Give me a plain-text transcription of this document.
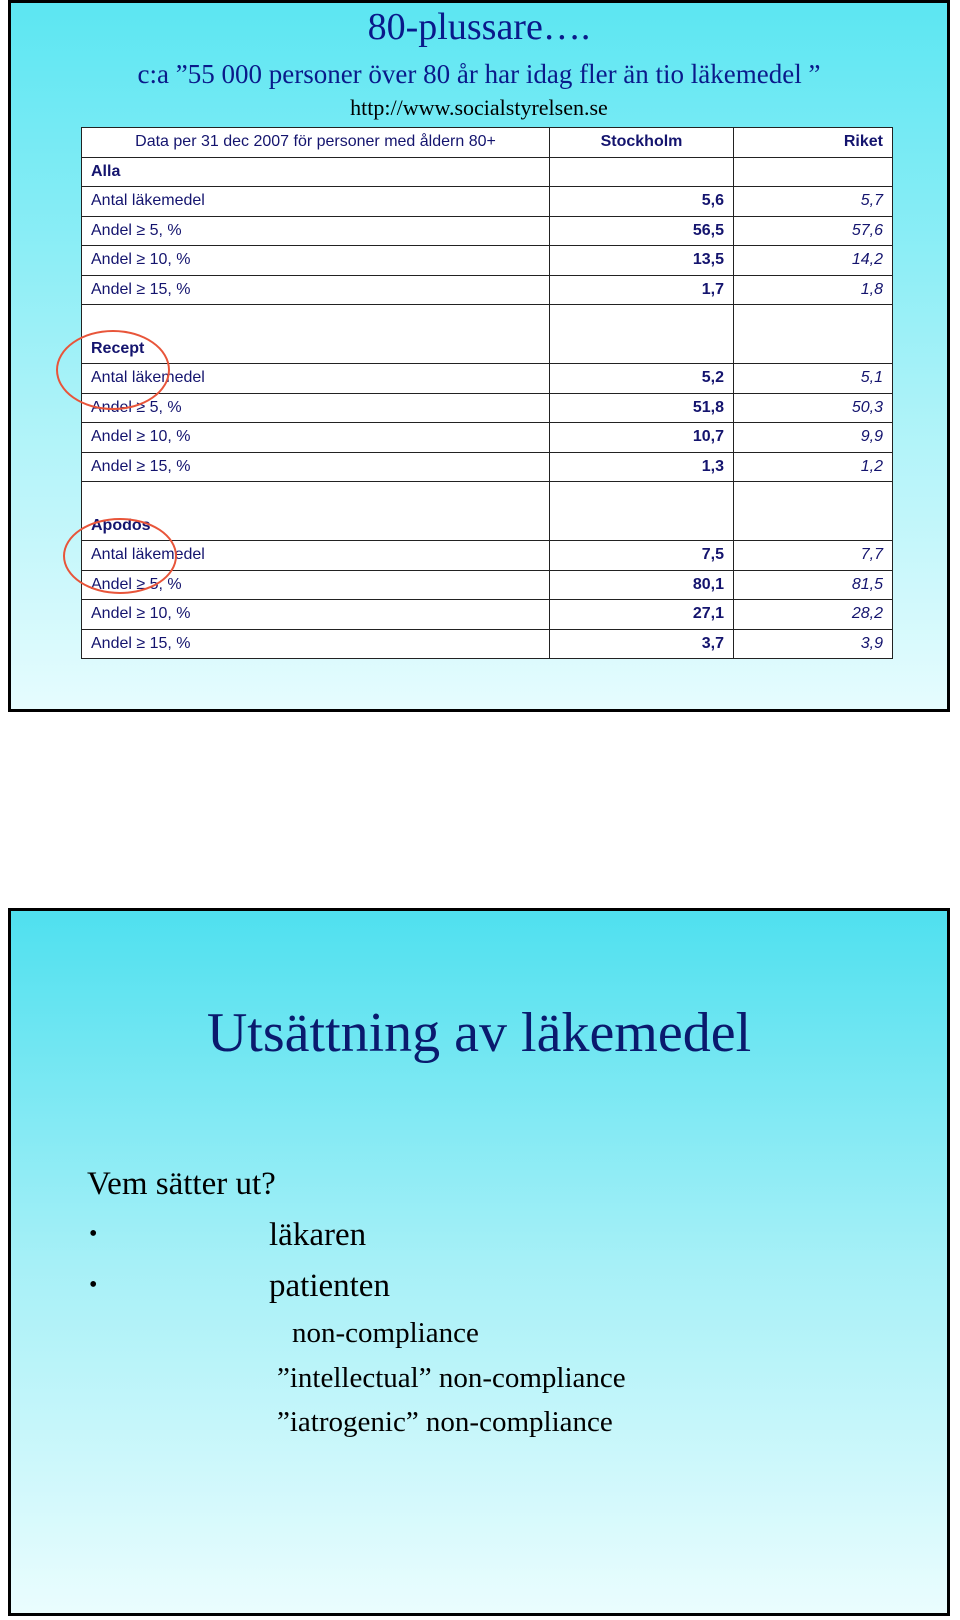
80-plussare….
c:a ”55 000 personer över 80 år har idag fler än tio läkemedel ”
http://www.socialstyrelsen.se
Data per 31 dec 2007 för personer med åldern 80+	Stockholm	Riket
Alla		
Antal läkemedel	5,6	5,7
Andel ≥ 5, %	56,5	57,6
Andel ≥ 10, %	13,5	14,2
Andel ≥ 15, %	1,7	1,8

Recept		
Antal läkemedel	5,2	5,1
Andel ≥ 5, %	51,8	50,3
Andel ≥ 10, %	10,7	9,9
Andel ≥ 15, %	1,3	1,2

Apodos		
Antal läkemedel	7,5	7,7
Andel ≥ 5, %	80,1	81,5
Andel ≥ 10, %	27,1	28,2
Andel ≥ 15, %	3,7	3,9
Utsättning av läkemedel
Vem sätter ut?
•	läkaren
•	patienten
non-compliance
”intellectual” non-compliance
”iatrogenic” non-compliance
